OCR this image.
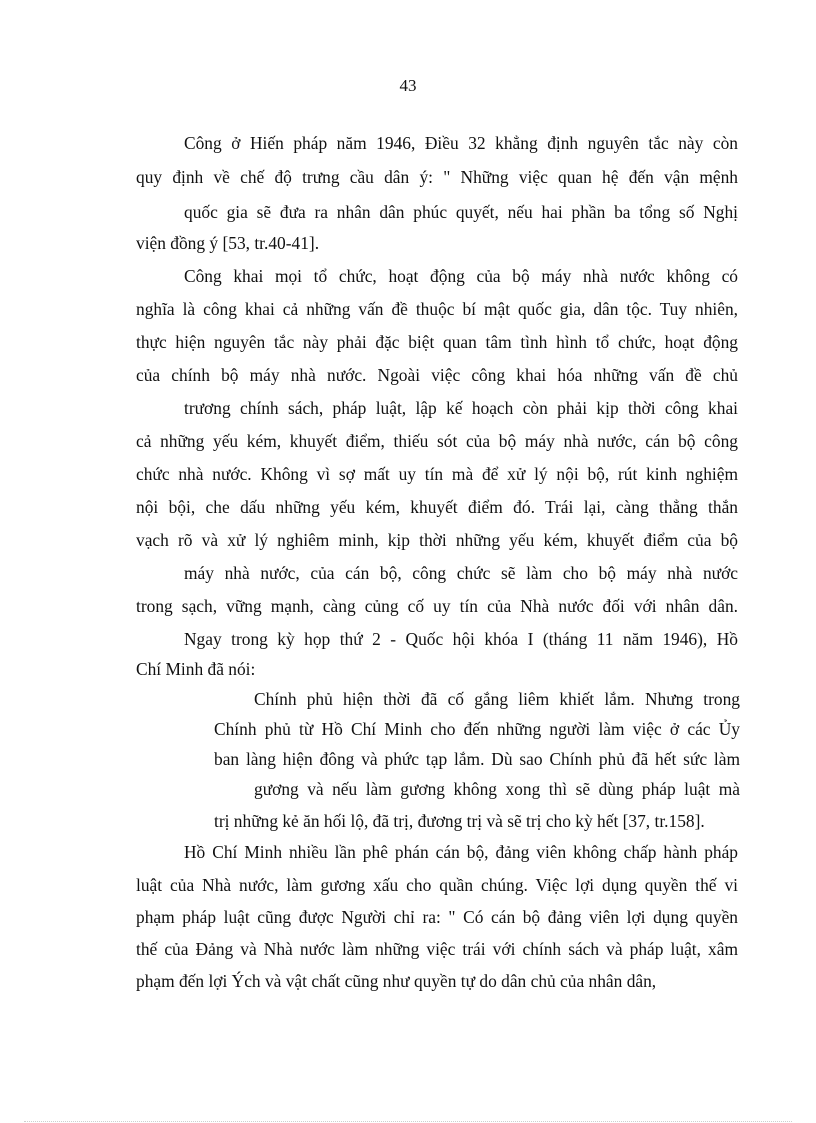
43
Công ở Hiến pháp năm 1946, Điều 32 khẳng định nguyên tắc này còn
quy định về chế độ trưng cầu dân ý: " Những việc quan hệ đến vận mệnh
quốc gia sẽ đưa ra nhân dân phúc quyết, nếu hai phần ba tổng số Nghị
viện đồng ý [53, tr.40-41].
Công khai mọi tổ chức, hoạt động của bộ máy nhà nước không có
nghĩa là công khai cả những vấn đề thuộc bí mật quốc gia, dân tộc. Tuy nhiên,
thực hiện nguyên tắc này phải đặc biệt quan tâm tình hình tổ chức, hoạt động
của chính bộ máy nhà nước. Ngoài việc công khai hóa những vấn đề chủ
trương chính sách, pháp luật, lập kế hoạch còn phải kịp thời công khai
cả những yếu kém, khuyết điểm, thiếu sót của bộ máy nhà nước, cán bộ công
chức nhà nước. Không vì sợ mất uy tín mà để xử lý nội bộ, rút kinh nghiệm
nội bội, che dấu những yếu kém, khuyết điểm đó. Trái lại, càng thẳng thắn
vạch rõ và xử lý nghiêm minh, kịp thời những yếu kém, khuyết điểm của bộ
máy nhà nước, của cán bộ, công chức sẽ làm cho bộ máy nhà nước
trong sạch, vững mạnh, càng củng cố uy tín của Nhà nước đối với nhân dân.
Ngay trong kỳ họp thứ 2 - Quốc hội khóa I (tháng 11 năm 1946), Hồ
Chí Minh đã nói:
Chính phủ hiện thời đã cố gắng liêm khiết lắm. Nhưng trong
Chính phủ từ Hồ Chí Minh cho đến những người làm việc ở các Ủy
ban làng hiện đông và phức tạp lắm. Dù sao Chính phủ đã hết sức làm
gương và nếu làm gương không xong thì sẽ dùng pháp luật mà
trị những kẻ ăn hối lộ, đã trị, đương trị và sẽ trị cho kỳ hết [37, tr.158].
Hồ Chí Minh nhiều lần phê phán cán bộ, đảng viên không chấp hành pháp
luật của Nhà nước, làm gương xấu cho quần chúng. Việc lợi dụng quyền thế vi
phạm pháp luật cũng được Người chỉ ra: " Có cán bộ đảng viên lợi dụng quyền
thế của Đảng và Nhà nước làm những việc trái với chính sách và pháp luật, xâm
phạm đến lợi Ých và vật chất cũng như quyền tự do dân chủ của nhân dân,
